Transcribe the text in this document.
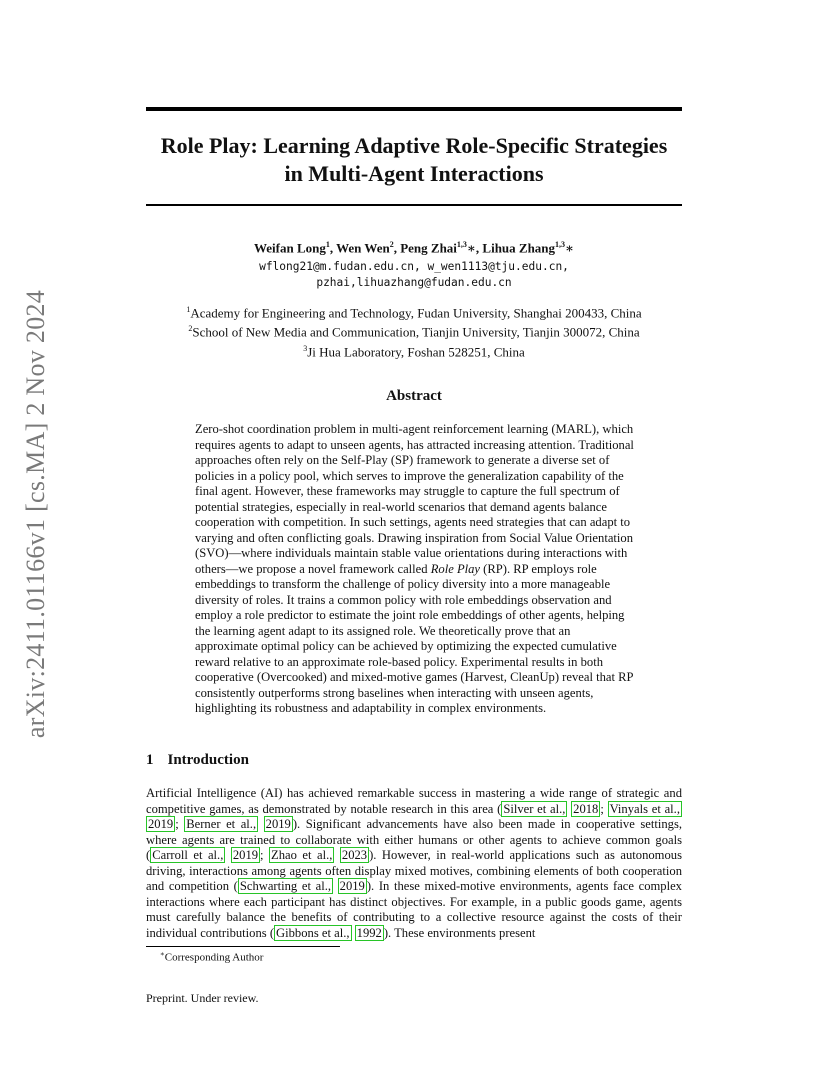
arXiv:2411.01166v1 [cs.MA] 2 Nov 2024
Role Play: Learning Adaptive Role-Specific Strategies
in Multi-Agent Interactions
Weifan Long$^1$, Wen Wen$^2$, Peng Zhai$^{1,3}$∗, Lihua Zhang$^{1,3}$∗
wflong21@m.fudan.edu.cn, w_wen1113@tju.edu.cn,
pzhai,lihuazhang@fudan.edu.cn
$^1$Academy for Engineering and Technology, Fudan University, Shanghai 200433, China
$^2$School of New Media and Communication, Tianjin University, Tianjin 300072, China
$^3$Ji Hua Laboratory, Foshan 528251, China
Abstract

Zero-shot coordination problem in multi-agent reinforcement learning (MARL), which requires agents to adapt to unseen agents, has attracted increasing attention. Traditional approaches often rely on the Self-Play (SP) framework to generate a diverse set of policies in a policy pool, which serves to improve the generalization capability of the final agent. However, these frameworks may struggle to capture the full spectrum of potential strategies, especially in real-world scenarios that demand agents balance cooperation with competition. In such settings, agents need strategies that can adapt to varying and often conflicting goals. Drawing inspiration from Social Value Orientation (SVO)—where individuals maintain stable value orientations during interactions with others—we propose a novel framework called Role Play (RP). RP employs role embeddings to transform the challenge of policy diversity into a more manageable diversity of roles. It trains a common policy with role embeddings observation and employ a role predictor to estimate the joint role embeddings of other agents, helping the learning agent adapt to its assigned role. We theoretically prove that an approximate optimal policy can be achieved by optimizing the expected cumulative reward relative to an approximate role-based policy. Experimental results in both cooperative (Overcooked) and mixed-motive games (Harvest, CleanUp) reveal that RP consistently outperforms strong baselines when interacting with unseen agents, highlighting its robustness and adaptability in complex environments.

1 Introduction

Artificial Intelligence (AI) has achieved remarkable success in mastering a wide range of strategic and competitive games, as demonstrated by notable research in this area ( Silver et al., 2018 ; Vinyals et al., 2019 ; Berner et al., 2019 ). Significant advancements have also been made in cooperative settings, where agents are trained to collaborate with either humans or other agents to achieve common goals ( Carroll et al., 2019 ; Zhao et al., 2023 ). However, in real-world applications such as autonomous driving, interactions among agents often display mixed motives, combining elements of both cooperation and competition ( Schwarting et al., 2019 ). In these mixed-motive environments, agents face complex interactions where each participant has distinct objectives. For example, in a public goods game, agents must carefully balance the benefits of contributing to a collective resource against the costs of their individual contributions ( Gibbons et al., 1992 ). These environments present

∗Corresponding Author
Preprint. Under review.
